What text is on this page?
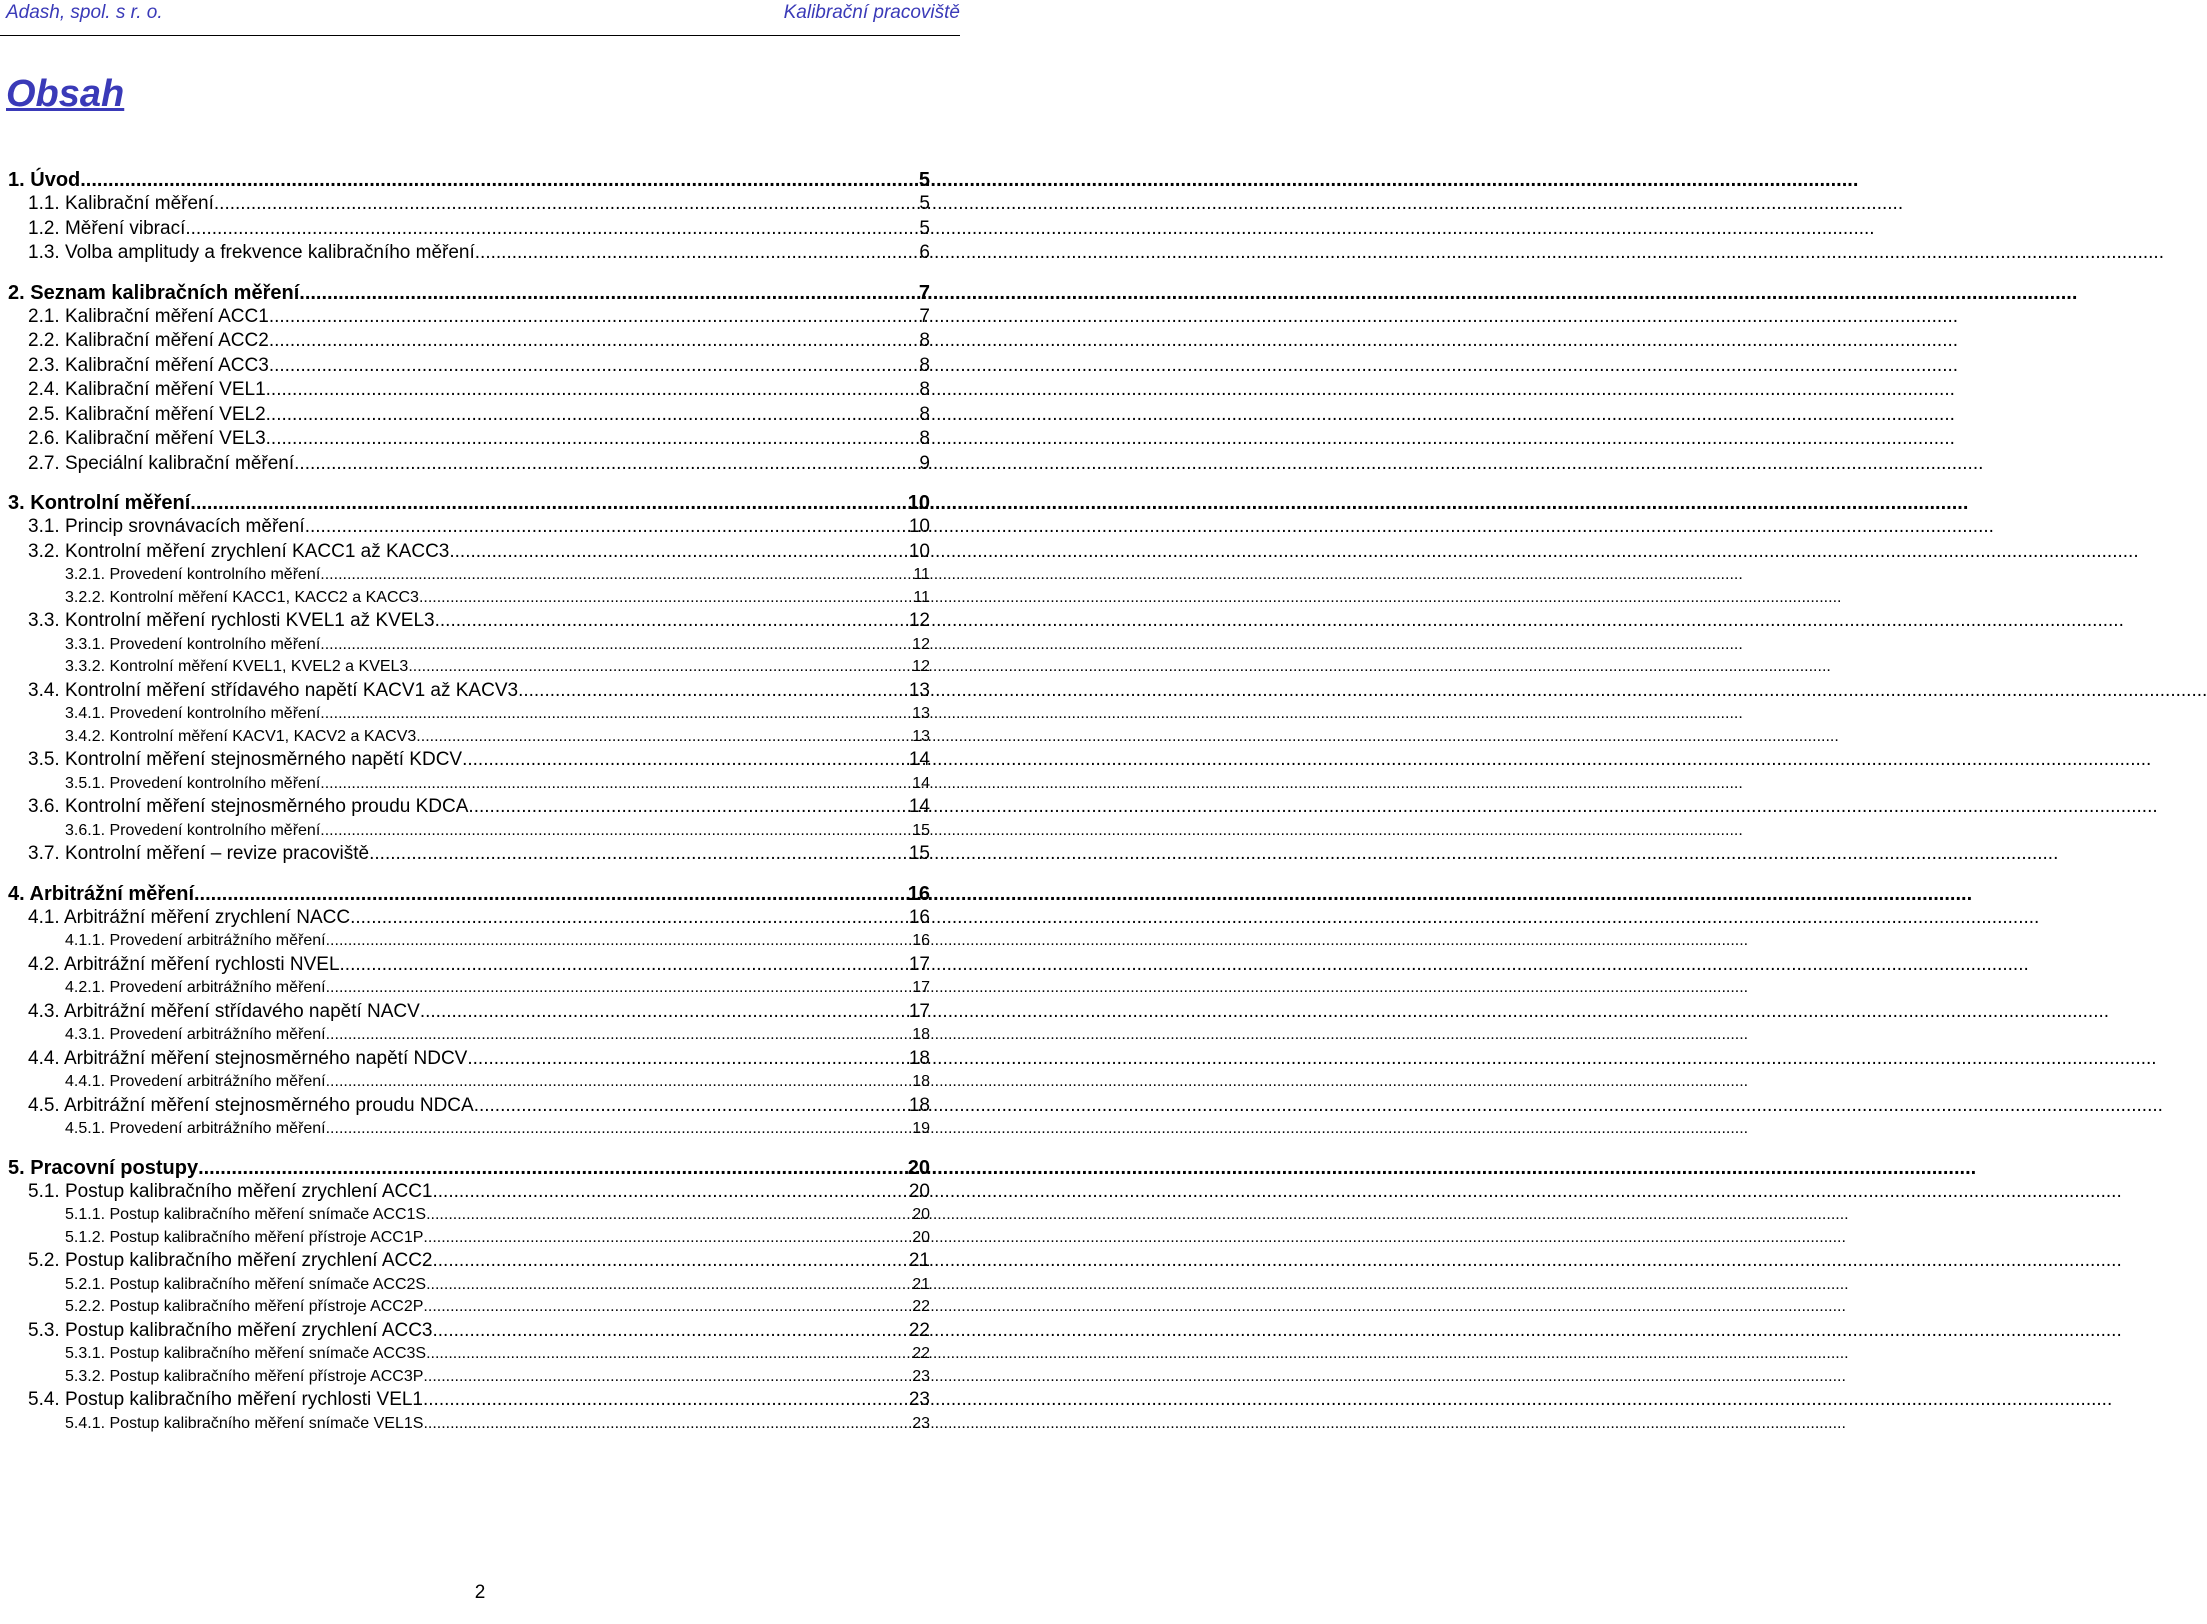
Adash, spol. s r. o.	Kalibrační pracoviště
Obsah
1. Úvod .....	5
1.1. Kalibrační měření .....	5
1.2. Měření vibrací .....	5
1.3. Volba amplitudy a frekvence kalibračního měření .....	6
2. Seznam kalibračních měření .....	7
2.1. Kalibrační měření ACC1 .....	7
2.2. Kalibrační měření ACC2 .....	8
2.3. Kalibrační měření ACC3 .....	8
2.4. Kalibrační měření VEL1 .....	8
2.5. Kalibrační měření VEL2 .....	8
2.6. Kalibrační měření VEL3 .....	8
2.7. Speciální kalibrační měření .....	9
3. Kontrolní měření .....	10
3.1. Princip srovnávacích měření .....	10
3.2. Kontrolní měření zrychlení KACC1 až KACC3 .....	10
3.2.1. Provedení kontrolního měření .....	11
3.2.2. Kontrolní měření KACC1, KACC2 a KACC3 .....	11
3.3. Kontrolní měření rychlosti KVEL1 až KVEL3 .....	12
3.3.1. Provedení kontrolního měření .....	12
3.3.2. Kontrolní měření KVEL1, KVEL2 a KVEL3 .....	12
3.4. Kontrolní měření střídavého napětí KACV1 až KACV3 .....	13
3.4.1. Provedení kontrolního měření .....	13
3.4.2. Kontrolní měření KACV1, KACV2 a KACV3 .....	13
3.5. Kontrolní měření stejnosměrného napětí KDCV .....	14
3.5.1. Provedení kontrolního měření .....	14
3.6. Kontrolní měření stejnosměrného proudu KDCA .....	14
3.6.1. Provedení kontrolního měření .....	15
3.7. Kontrolní měření – revize pracoviště .....	15
4. Arbitrážní měření .....	16
4.1. Arbitrážní měření zrychlení NACC .....	16
4.1.1. Provedení arbitrážního měření .....	16
4.2. Arbitrážní měření rychlosti NVEL .....	17
4.2.1. Provedení arbitrážního měření .....	17
4.3. Arbitrážní měření střídavého napětí NACV .....	17
4.3.1. Provedení arbitrážního měření .....	18
4.4. Arbitrážní měření stejnosměrného napětí NDCV .....	18
4.4.1. Provedení arbitrážního měření .....	18
4.5. Arbitrážní měření stejnosměrného proudu NDCA .....	18
4.5.1. Provedení arbitrážního měření .....	19
5. Pracovní postupy .....	20
5.1. Postup kalibračního měření zrychlení ACC1 .....	20
5.1.1. Postup kalibračního měření snímače ACC1S .....	20
5.1.2. Postup kalibračního měření přístroje ACC1P .....	20
5.2. Postup kalibračního měření zrychlení ACC2 .....	21
5.2.1. Postup kalibračního měření snímače ACC2S .....	21
5.2.2. Postup kalibračního měření přístroje ACC2P .....	22
5.3. Postup kalibračního měření zrychlení ACC3 .....	22
5.3.1. Postup kalibračního měření snímače ACC3S .....	22
5.3.2. Postup kalibračního měření přístroje ACC3P .....	23
5.4. Postup kalibračního měření rychlosti VEL1 .....	23
5.4.1. Postup kalibračního měření snímače VEL1S .....	23
2
